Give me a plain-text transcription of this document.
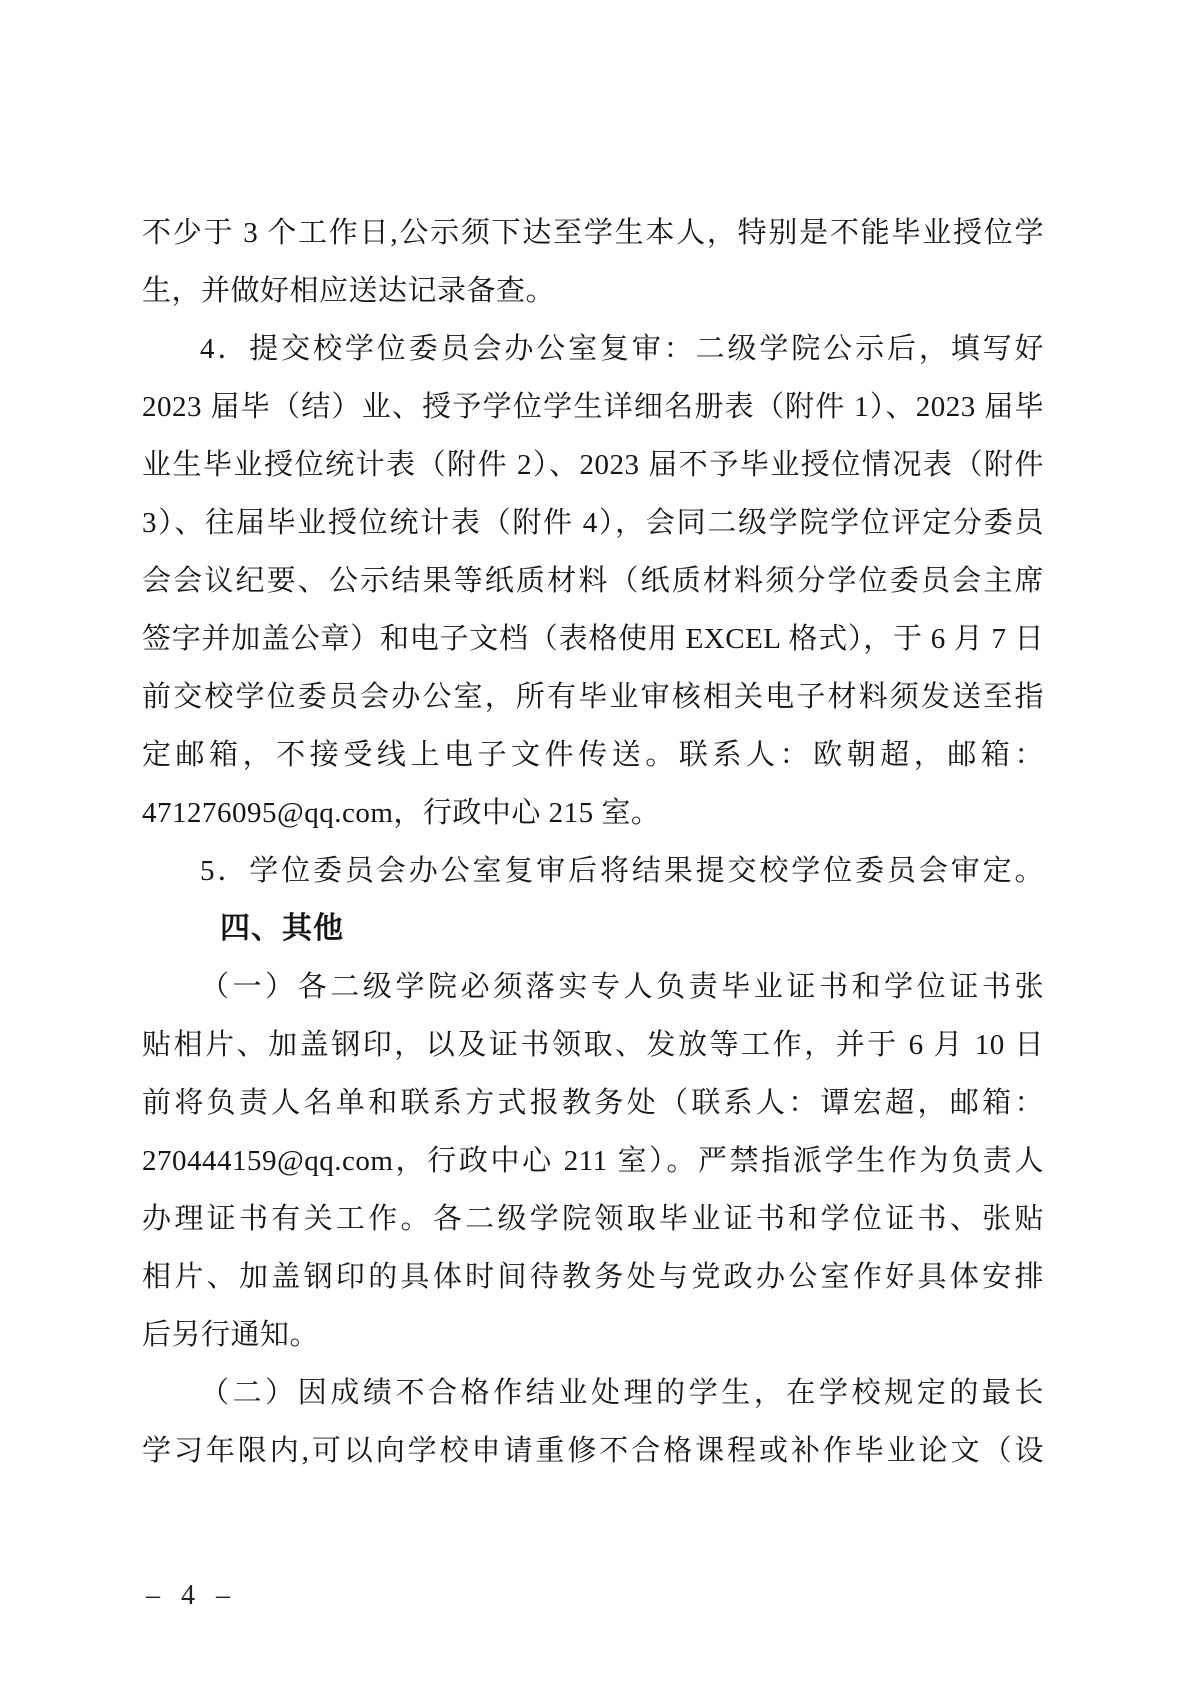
不少于 3 个工作日,公示须下达至学生本人，特别是不能毕业授位学
生，并做好相应送达记录备查。
4．提交校学位委员会办公室复审：二级学院公示后，填写好
2023 届毕（结）业、授予学位学生详细名册表（附件 1）、2023 届毕
业生毕业授位统计表（附件 2）、2023 届不予毕业授位情况表（附件
3）、往届毕业授位统计表（附件 4），会同二级学院学位评定分委员
会会议纪要、公示结果等纸质材料（纸质材料须分学位委员会主席
签字并加盖公章）和电子文档（表格使用 EXCEL 格式），于 6 月 7 日
前交校学位委员会办公室，所有毕业审核相关电子材料须发送至指
定邮箱，不接受线上电子文件传送。联系人：欧朝超，邮箱：
471276095@qq.com，行政中心 215 室。
5．学位委员会办公室复审后将结果提交校学位委员会审定。
四、其他
（一）各二级学院必须落实专人负责毕业证书和学位证书张
贴相片、加盖钢印，以及证书领取、发放等工作，并于 6 月 10 日
前将负责人名单和联系方式报教务处（联系人：谭宏超，邮箱：
270444159@qq.com，行政中心 211 室）。严禁指派学生作为负责人
办理证书有关工作。各二级学院领取毕业证书和学位证书、张贴
相片、加盖钢印的具体时间待教务处与党政办公室作好具体安排
后另行通知。
（二）因成绩不合格作结业处理的学生，在学校规定的最长
学习年限内,可以向学校申请重修不合格课程或补作毕业论文（设
– 4 –
